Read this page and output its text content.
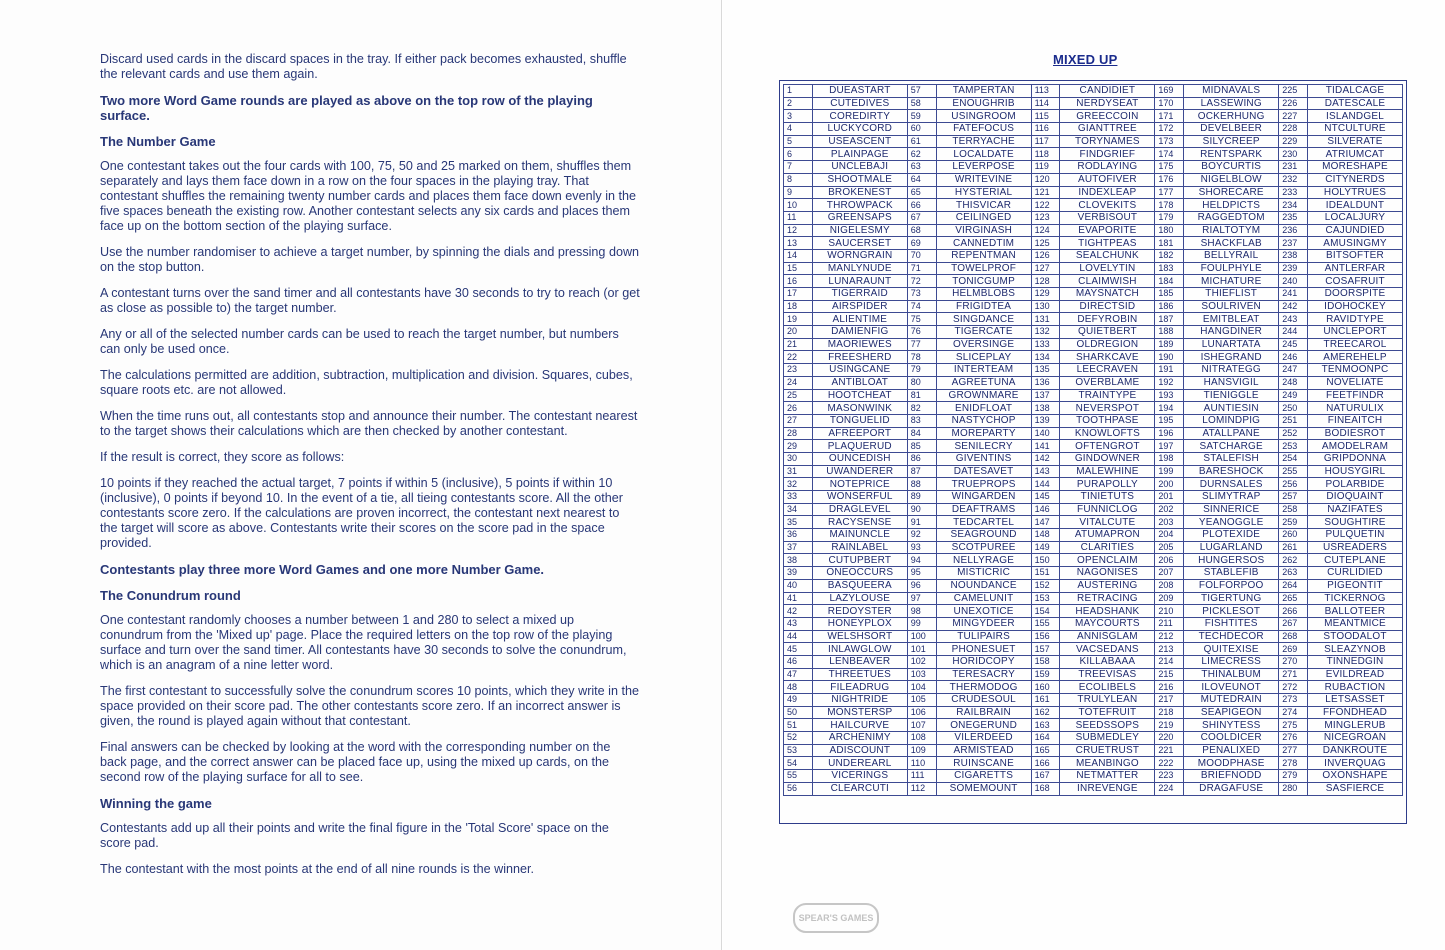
Discard used cards in the discard spaces in the tray. If either pack becomes exhausted, shuffle the relevant cards and use them again.

Two more Word Game rounds are played as above on the top row of the playing surface.

The Number Game

One contestant takes out the four cards with 100, 75, 50 and 25 marked on them, shuffles them separately and lays them face down in a row on the four spaces in the playing tray. That contestant shuffles the remaining twenty number cards and places them face down evenly in the five spaces beneath the existing row. Another contestant selects any six cards and places them face up on the bottom section of the playing surface.

Use the number randomiser to achieve a target number, by spinning the dials and pressing down on the stop button.

A contestant turns over the sand timer and all contestants have 30 seconds to try to reach (or get as close as possible to) the target number.

Any or all of the selected number cards can be used to reach the target number, but numbers can only be used once.

The calculations permitted are addition, subtraction, multiplication and division. Squares, cubes, square roots etc. are not allowed.

When the time runs out, all contestants stop and announce their number. The contestant nearest to the target shows their calculations which are then checked by another contestant.

If the result is correct, they score as follows:

10 points if they reached the actual target, 7 points if within 5 (inclusive), 5 points if within 10 (inclusive), 0 points if beyond 10. In the event of a tie, all tieing contestants score. All the other contestants score zero. If the calculations are proven incorrect, the contestant next nearest to the target will score as above. Contestants write their scores on the score pad in the space provided.

Contestants play three more Word Games and one more Number Game.

The Conundrum round

One contestant randomly chooses a number between 1 and 280 to select a mixed up conundrum from the 'Mixed up' page. Place the required letters on the top row of the playing surface and turn over the sand timer. All contestants have 30 seconds to solve the conundrum, which is an anagram of a nine letter word.

The first contestant to successfully solve the conundrum scores 10 points, which they write in the space provided on their score pad. The other contestants score zero. If an incorrect answer is given, the round is played again without that contestant.

Final answers can be checked by looking at the word with the corresponding number on the back page, and the correct answer can be placed face up, using the mixed up cards, on the second row of the playing surface for all to see.

Winning the game

Contestants add up all their points and write the final figure in the 'Total Score' space on the score pad.

The contestant with the most points at the end of all nine rounds is the winner.

MIXED UP
1	DUEASTART	57	TAMPERTAN	113	CANDIDIET	169	MIDNAVALS	225	TIDALCAGE
2	CUTEDIVES	58	ENOUGHRIB	114	NERDYSEAT	170	LASSEWING	226	DATESCALE
3	COREDIRTY	59	USINGROOM	115	GREECCOIN	171	OCKERHUNG	227	ISLANDGEL
4	LUCKYCORD	60	FATEFOCUS	116	GIANTTREE	172	DEVELBEER	228	NTCULTURE
5	USEASCENT	61	TERRYACHE	117	TORYNAMES	173	SILYCREEP	229	SILVERATE
6	PLAINPAGE	62	LOCALDATE	118	FINDGRIEF	174	RENTSPARK	230	ATRIUMCAT
7	UNCLEBAJI	63	LEVERPOSE	119	RODLAYING	175	BOYCURTIS	231	MORESHAPE
8	SHOOTMALE	64	WRITEVINE	120	AUTOFIVER	176	NIGELBLOW	232	CITYNERDS
9	BROKENEST	65	HYSTERIAL	121	INDEXLEAP	177	SHORECARE	233	HOLYTRUES
10	THROWPACK	66	THISVICAR	122	CLOVEKITS	178	HELDPICTS	234	IDEALDUNT
11	GREENSAPS	67	CEILINGED	123	VERBISOUT	179	RAGGEDTOM	235	LOCALJURY
12	NIGELESMY	68	VIRGINASH	124	EVAPORITE	180	RIALTOTYM	236	CAJUNDIED
13	SAUCERSET	69	CANNEDTIM	125	TIGHTPEAS	181	SHACKFLAB	237	AMUSINGMY
14	WORNGRAIN	70	REPENTMAN	126	SEALCHUNK	182	BELLYRAIL	238	BITSOFTER
15	MANLYNUDE	71	TOWELPROF	127	LOVELYTIN	183	FOULPHYLE	239	ANTLERFAR
16	LUNARAUNT	72	TONICGUMP	128	CLAIMWISH	184	MICHATURE	240	COSAFRUIT
17	TIGERRAID	73	HELMBLOBS	129	MAYSNATCH	185	THIEFLIST	241	DOORSPITE
18	AIRSPIDER	74	FRIGIDTEA	130	DIRECTSID	186	SOULRIVEN	242	IDOHOCKEY
19	ALIENTIME	75	SINGDANCE	131	DEFYROBIN	187	EMITBLEAT	243	RAVIDTYPE
20	DAMIENFIG	76	TIGERCATE	132	QUIETBERT	188	HANGDINER	244	UNCLEPORT
21	MAORIEWES	77	OVERSINGE	133	OLDREGION	189	LUNARTATA	245	TREECAROL
22	FREESHERD	78	SLICEPLAY	134	SHARKCAVE	190	ISHEGRAND	246	AMEREHELP
23	USINGCANE	79	INTERTEAM	135	LEECRAVEN	191	NITRATEGG	247	TENMOONPC
24	ANTIBLOAT	80	AGREETUNA	136	OVERBLAME	192	HANSVIGIL	248	NOVELIATE
25	HOOTCHEAT	81	GROWNMARE	137	TRAINTYPE	193	TIENIGGLE	249	FEETFINDR
26	MASONWINK	82	ENIDFLOAT	138	NEVERSPOT	194	AUNTIESIN	250	NATURULIX
27	TONGUELID	83	NASTYCHOP	139	TOOTHPASE	195	LOMINDPIG	251	FINEAITCH
28	AFREEPORT	84	MOREPARTY	140	KNOWLOFTS	196	ATALLPANE	252	BODIESROT
29	PLAQUERUD	85	SENILECRY	141	OFTENGROT	197	SATCHARGE	253	AMODELRAM
30	OUNCEDISH	86	GIVENTINS	142	GINDOWNER	198	STALEFISH	254	GRIPDONNA
31	UWANDERER	87	DATESAVET	143	MALEWHINE	199	BARESHOCK	255	HOUSYGIRL
32	NOTEPRICE	88	TRUEPROPS	144	PURAPOLLY	200	DURNSALES	256	POLARBIDE
33	WONSERFUL	89	WINGARDEN	145	TINIETUTS	201	SLIMYTRAP	257	DIOQUAINT
34	DRAGLEVEL	90	DEAFTRAMS	146	FUNNICLOG	202	SINNERICE	258	NAZIFATES
35	RACYSENSE	91	TEDCARTEL	147	VITALCUTE	203	YEANOGGLE	259	SOUGHTIRE
36	MAINUNCLE	92	SEAGROUND	148	ATUMAPRON	204	PLOTEXIDE	260	PULQUETIN
37	RAINLABEL	93	SCOTPUREE	149	CLARITIES	205	LUGARLAND	261	USREADERS
38	CUTUPBERT	94	NELLYRAGE	150	OPENCLAIM	206	HUNGERSOS	262	CUTEPLANE
39	ONEOCCURS	95	MISTICRIC	151	NAGONISES	207	STABLEFIB	263	CURLIDIED
40	BASQUEERA	96	NOUNDANCE	152	AUSTERING	208	FOLFORPOO	264	PIGEONTIT
41	LAZYLOUSE	97	CAMELUNIT	153	RETRACING	209	TIGERTUNG	265	TICKERNOG
42	REDOYSTER	98	UNEXOTICE	154	HEADSHANK	210	PICKLESOT	266	BALLOTEER
43	HONEYPLOX	99	MINGYDEER	155	MAYCOURTS	211	FISHTITES	267	MEANTMICE
44	WELSHSORT	100	TULIPAIRS	156	ANNISGLAM	212	TECHDECOR	268	STOODALOT
45	INLAWGLOW	101	PHONESUET	157	VACSEDANS	213	QUITEXISE	269	SLEAZYNOB
46	LENBEAVER	102	HORIDCOPY	158	KILLABAAA	214	LIMECRESS	270	TINNEDGIN
47	THREETUES	103	TERESACRY	159	TREEVISAS	215	THINALBUM	271	EVILDREAD
48	FILEADRUG	104	THERMODOG	160	ECOLIBELS	216	ILOVEUNOT	272	RUBACTION
49	NIGHTRIDE	105	CRUDESOUL	161	TRULYLEAN	217	MUTEDRAIN	273	LETSASSET
50	MONSTERSP	106	RAILBRAIN	162	TOTEFRUIT	218	SEAPIGEON	274	FFONDHEAD
51	HAILCURVE	107	ONEGERUND	163	SEEDSSOPS	219	SHINYTESS	275	MINGLERUB
52	ARCHENIMY	108	VILERDEED	164	SUBMEDLEY	220	COOLDICER	276	NICEGROAN
53	ADISCOUNT	109	ARMISTEAD	165	CRUETRUST	221	PENALIXED	277	DANKROUTE
54	UNDEREARL	110	RUINSCANE	166	MEANBINGO	222	MOODPHASE	278	INVERQUAG
55	VICERINGS	111	CIGARETTS	167	NETMATTER	223	BRIEFNODD	279	OXONSHAPE
56	CLEARCUTI	112	SOMEMOUNT	168	INREVENGE	224	DRAGAFUSE	280	SASFIERCE
SPEAR'S GAMES
